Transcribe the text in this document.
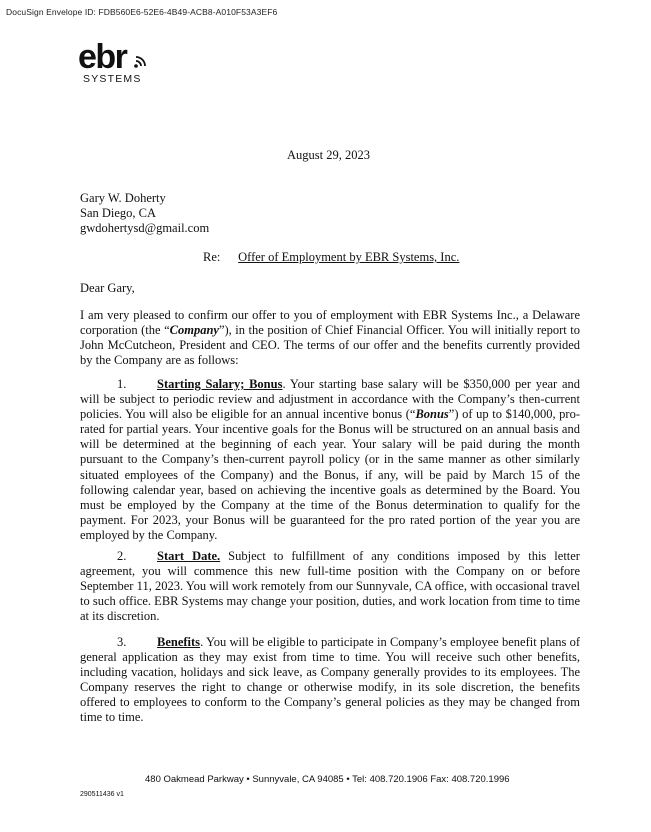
DocuSign Envelope ID: FDB560E6-52E6-4B49-ACB8-A010F53A3EF6
ebr
SYSTEMS
August 29, 2023
Gary W. Doherty
San Diego, CA
gwdohertysd@gmail.com
Re: Offer of Employment by EBR Systems, Inc.
Dear Gary,
I am very pleased to confirm our offer to you of employment with EBR Systems Inc., a Delaware corporation (the “Company”), in the position of Chief Financial Officer. You will initially report to John McCutcheon, President and CEO. The terms of our offer and the benefits currently provided by the Company are as follows:
1. Starting Salary; Bonus. Your starting base salary will be $350,000 per year and will be subject to periodic review and adjustment in accordance with the Company’s then-current policies. You will also be eligible for an annual incentive bonus (“Bonus”) of up to $140,000, pro-rated for partial years. Your incentive goals for the Bonus will be structured on an annual basis and will be determined at the beginning of each year. Your salary will be paid during the month pursuant to the Company’s then-current payroll policy (or in the same manner as other similarly situated employees of the Company) and the Bonus, if any, will be paid by March 15 of the following calendar year, based on achieving the incentive goals as determined by the Board. You must be employed by the Company at the time of the Bonus determination to qualify for the payment. For 2023, your Bonus will be guaranteed for the pro rated portion of the year you are employed by the Company.
2. Start Date. Subject to fulfillment of any conditions imposed by this letter agreement, you will commence this new full-time position with the Company on or before September 11, 2023. You will work remotely from our Sunnyvale, CA office, with occasional travel to such office. EBR Systems may change your position, duties, and work location from time to time at its discretion.
3. Benefits. You will be eligible to participate in Company’s employee benefit plans of general application as they may exist from time to time. You will receive such other benefits, including vacation, holidays and sick leave, as Company generally provides to its employees. The Company reserves the right to change or otherwise modify, in its sole discretion, the benefits offered to employees to conform to the Company’s general policies as they may be changed from time to time.
480 Oakmead Parkway • Sunnyvale, CA 94085 • Tel: 408.720.1906 Fax: 408.720.1996
290511436 v1
